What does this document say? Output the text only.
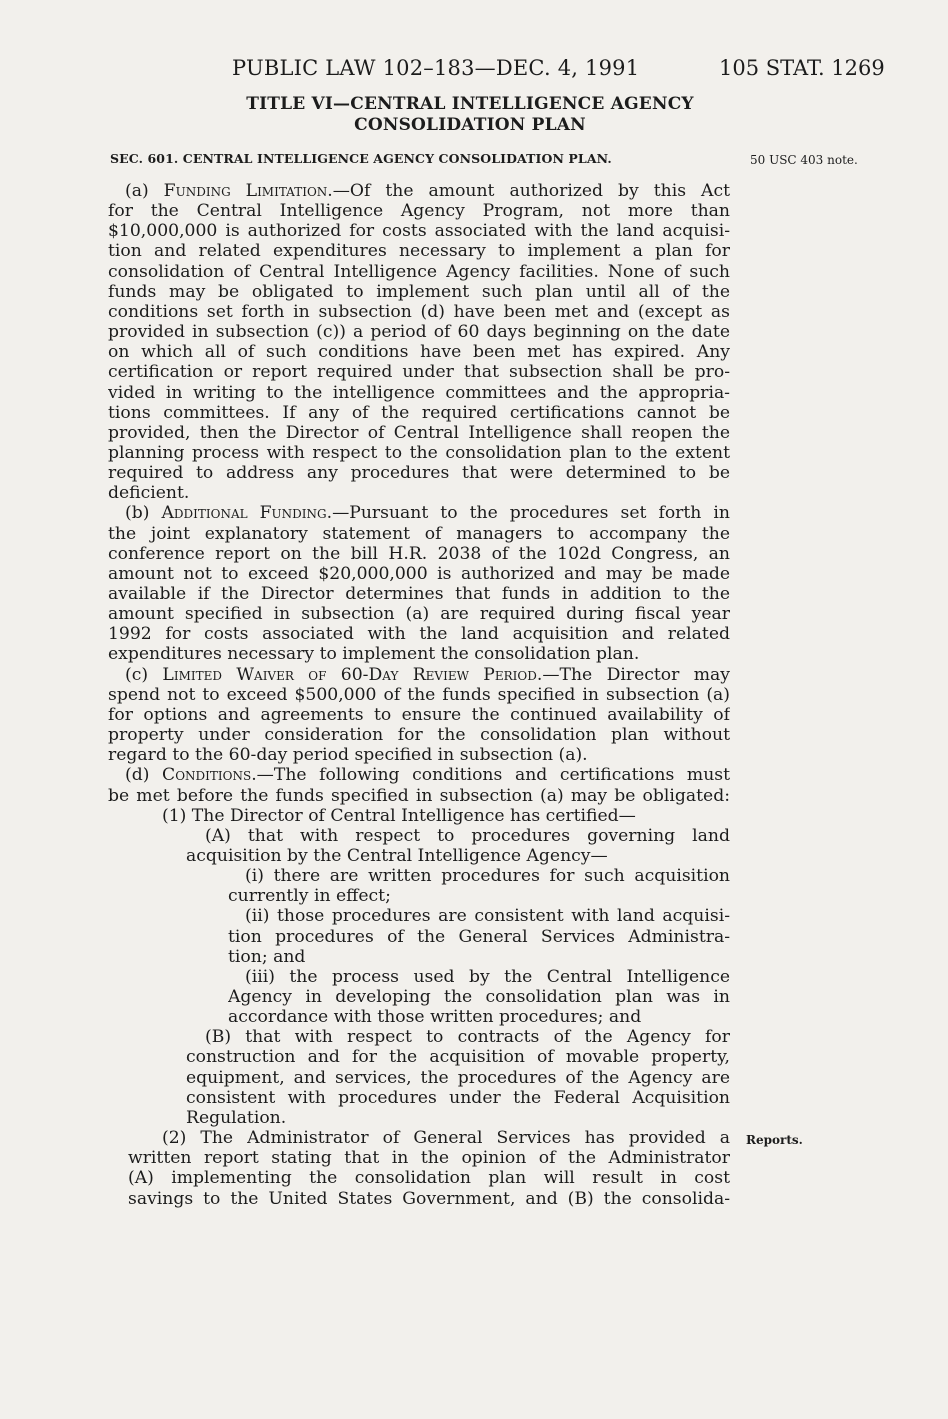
PUBLIC LAW 102–183—DEC. 4, 1991	105 STAT. 1269
TITLE VI—CENTRAL INTELLIGENCE AGENCY
CONSOLIDATION PLAN
SEC. 601. CENTRAL INTELLIGENCE AGENCY CONSOLIDATION PLAN.	50 USC 403 note.
Reports.
(a) Funding Limitation.—Of the amount authorized by this Act
for the Central Intelligence Agency Program, not more than
$10,000,000 is authorized for costs associated with the land acquisi-
tion and related expenditures necessary to implement a plan for
consolidation of Central Intelligence Agency facilities. None of such
funds may be obligated to implement such plan until all of the
conditions set forth in subsection (d) have been met and (except as
provided in subsection (c)) a period of 60 days beginning on the date
on which all of such conditions have been met has expired. Any
certification or report required under that subsection shall be pro-
vided in writing to the intelligence committees and the appropria-
tions committees. If any of the required certifications cannot be
provided, then the Director of Central Intelligence shall reopen the
planning process with respect to the consolidation plan to the extent
required to address any procedures that were determined to be
deficient.
(b) Additional Funding.—Pursuant to the procedures set forth in
the joint explanatory statement of managers to accompany the
conference report on the bill H.R. 2038 of the 102d Congress, an
amount not to exceed $20,000,000 is authorized and may be made
available if the Director determines that funds in addition to the
amount specified in subsection (a) are required during fiscal year
1992 for costs associated with the land acquisition and related
expenditures necessary to implement the consolidation plan.
(c) Limited Waiver of 60-Day Review Period.—The Director may
spend not to exceed $500,000 of the funds specified in subsection (a)
for options and agreements to ensure the continued availability of
property under consideration for the consolidation plan without
regard to the 60-day period specified in subsection (a).
(d) Conditions.—The following conditions and certifications must
be met before the funds specified in subsection (a) may be obligated:
(1) The Director of Central Intelligence has certified—
(A) that with respect to procedures governing land
acquisition by the Central Intelligence Agency—
(i) there are written procedures for such acquisition
currently in effect;
(ii) those procedures are consistent with land acquisi-
tion procedures of the General Services Administra-
tion; and
(iii) the process used by the Central Intelligence
Agency in developing the consolidation plan was in
accordance with those written procedures; and
(B) that with respect to contracts of the Agency for
construction and for the acquisition of movable property,
equipment, and services, the procedures of the Agency are
consistent with procedures under the Federal Acquisition
Regulation.
(2) The Administrator of General Services has provided a
written report stating that in the opinion of the Administrator
(A) implementing the consolidation plan will result in cost
savings to the United States Government, and (B) the consolida-
